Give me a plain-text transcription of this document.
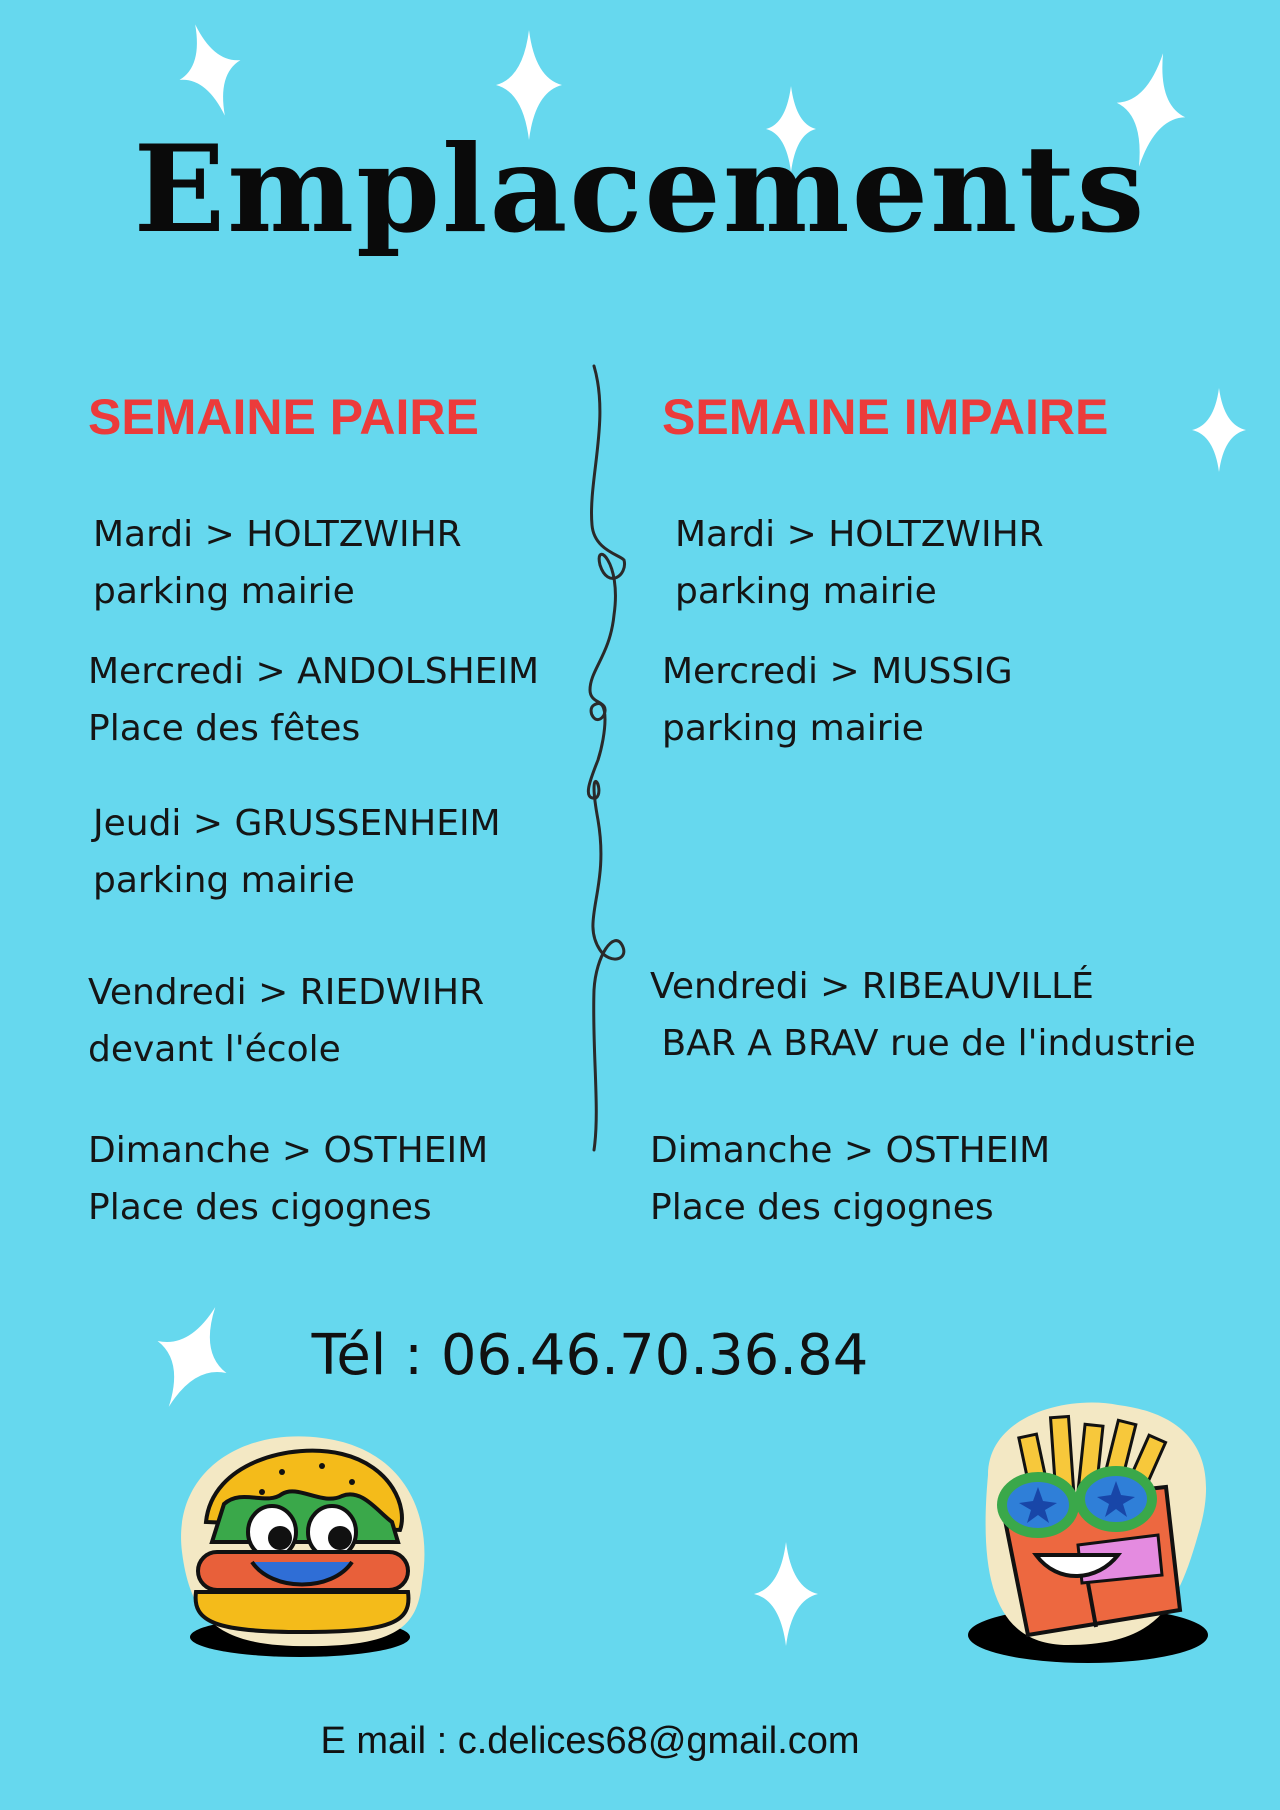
Emplacements
SEMAINE PAIRE	SEMAINE IMPAIRE
Mardi > HOLTZWIHR
parking mairie
Mercredi > ANDOLSHEIM
Place des fêtes
Jeudi > GRUSSENHEIM
parking mairie
Vendredi > RIEDWIHR
devant l'école
Dimanche > OSTHEIM
Place des cigognes
Mardi > HOLTZWIHR
parking mairie
Mercredi > MUSSIG
parking mairie
Vendredi > RIBEAUVILLÉ
BAR A BRAV rue de l'industrie
Dimanche > OSTHEIM
Place des cigognes
Tél : 06.46.70.36.84
E mail : c.delices68@gmail.com
